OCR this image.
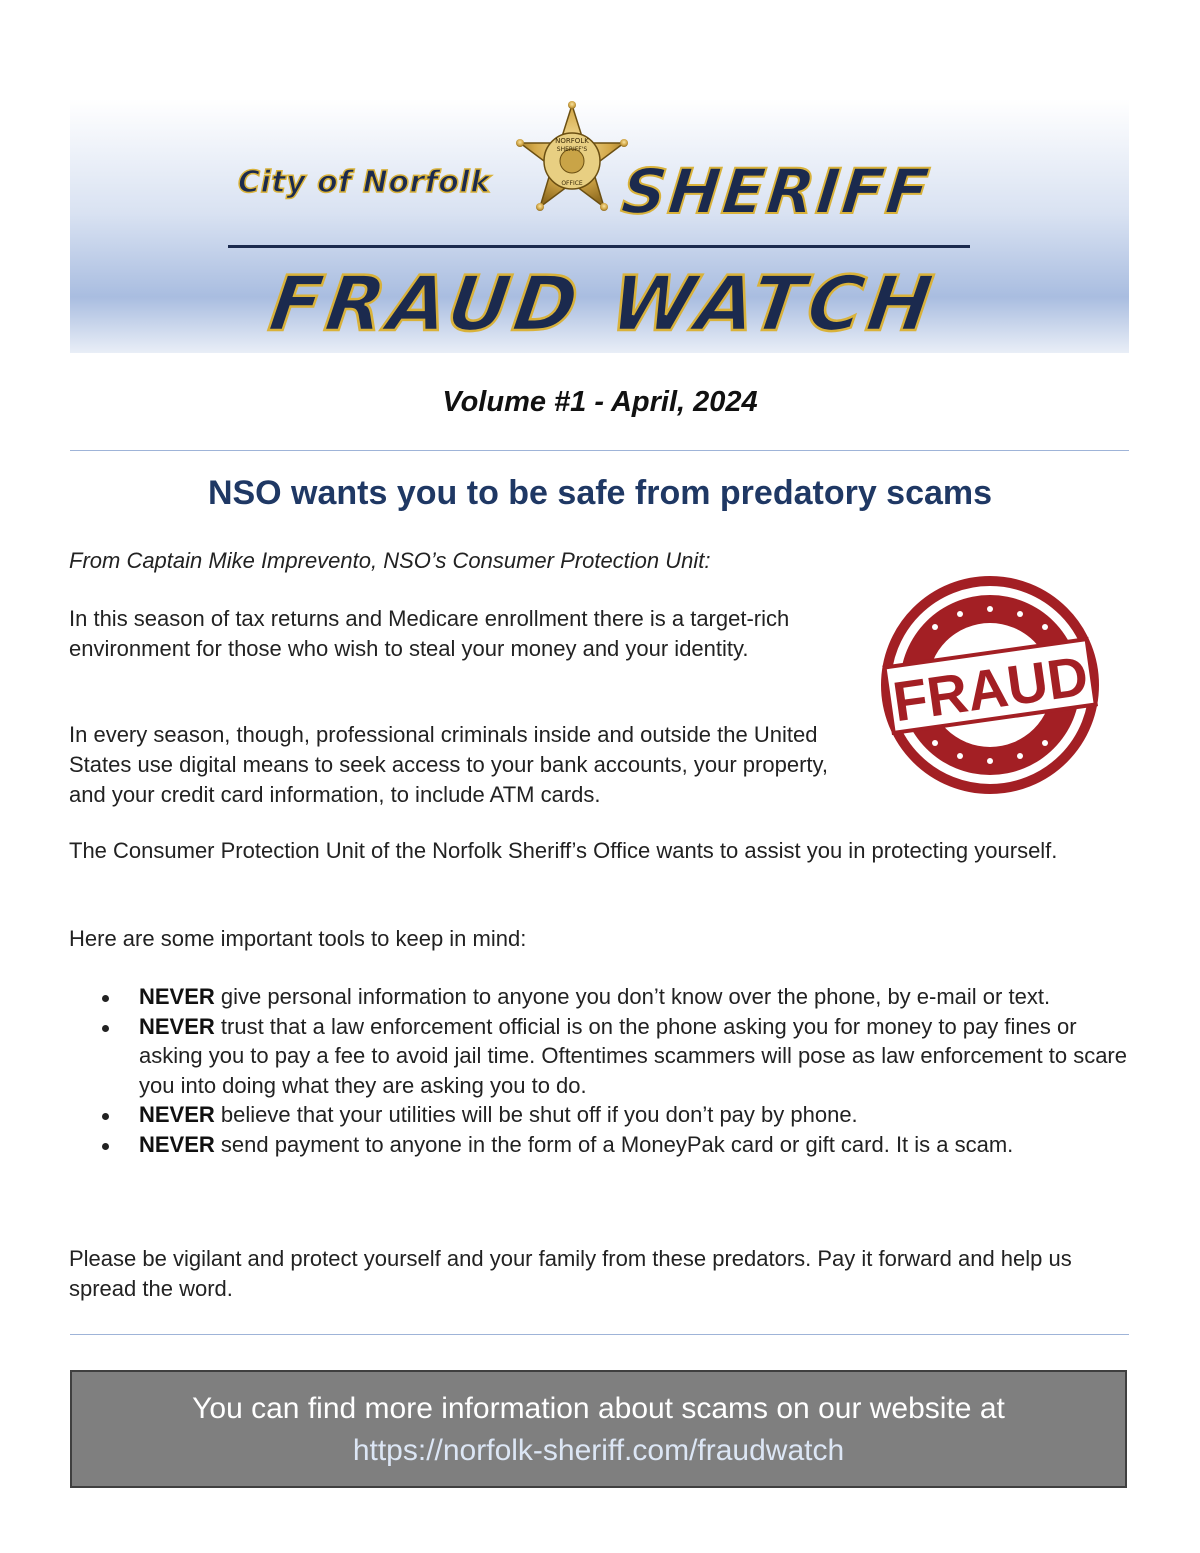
City of Norfolk
NORFOLK
SHERIFF'S
OFFICE SHERIFF
FRAUD WATCH
Volume #1 - April, 2024
NSO wants you to be safe from predatory scams
From Captain Mike Imprevento, NSO’s Consumer Protection Unit:
In this season of tax returns and Medicare enrollment there is a target-rich environment for those who wish to steal your money and your identity.
In every season, though, professional criminals inside and outside the United States use digital means to seek access to your bank accounts, your property, and your credit card information, to include ATM cards.
FRAUD
The Consumer Protection Unit of the Norfolk Sheriff’s Office wants to assist you in protecting yourself.
Here are some important tools to keep in mind:
NEVER give personal information to anyone you don’t know over the phone, by e-mail or text.
NEVER trust that a law enforcement official is on the phone asking you for money to pay fines or asking you to pay a fee to avoid jail time. Oftentimes scammers will pose as law enforcement to scare you into doing what they are asking you to do.
NEVER believe that your utilities will be shut off if you don’t pay by phone.
NEVER send payment to anyone in the form of a MoneyPak card or gift card. It is a scam.
Please be vigilant and protect yourself and your family from these predators. Pay it forward and help us spread the word.
You can find more information about scams on our website at
https://norfolk-sheriff.com/fraudwatch
